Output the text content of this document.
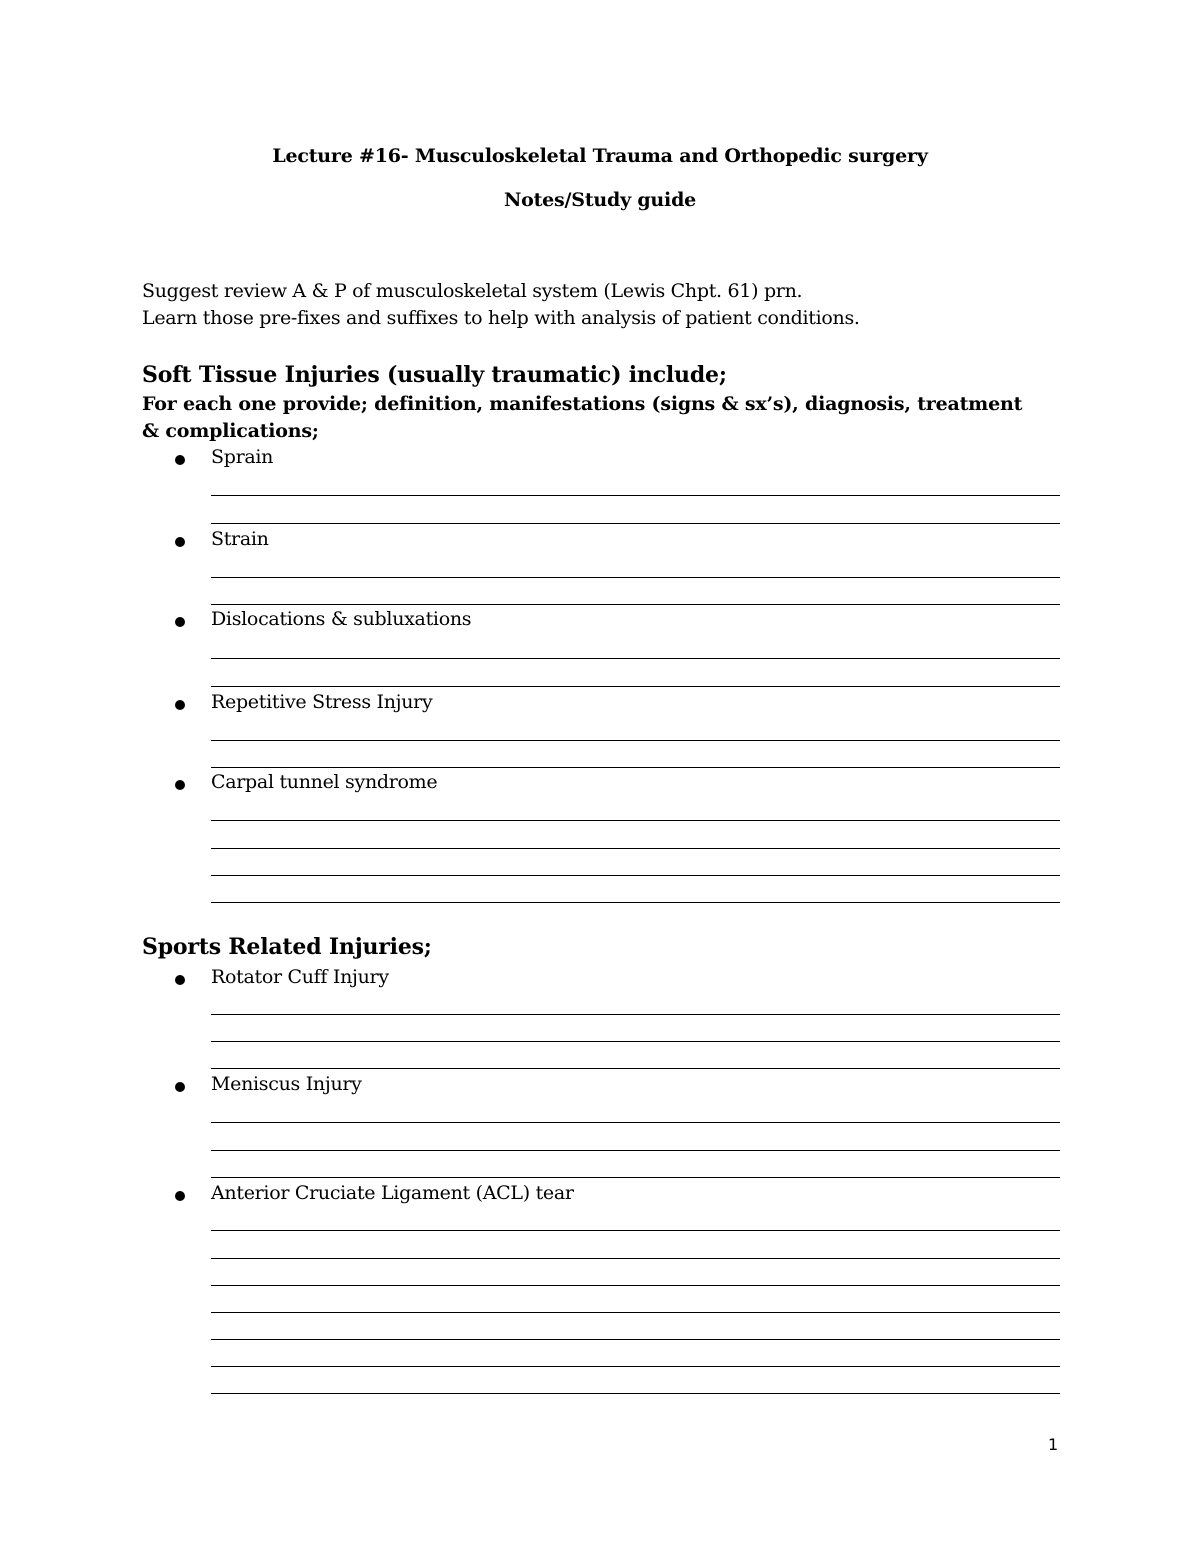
Lecture #16- Musculoskeletal Trauma and Orthopedic surgery
Notes/Study guide
Suggest review A & P of musculoskeletal system (Lewis Chpt. 61) prn.
Learn those pre-fixes and suffixes to help with analysis of patient conditions.
Soft Tissue Injuries (usually traumatic) include;
For each one provide; definition, manifestations (signs & sx’s), diagnosis, treatment & complications;
Sprain
Strain
Dislocations & subluxations
Repetitive Stress Injury
Carpal tunnel syndrome
Sports Related Injuries;
Rotator Cuff Injury
Meniscus Injury
Anterior Cruciate Ligament (ACL) tear
1
